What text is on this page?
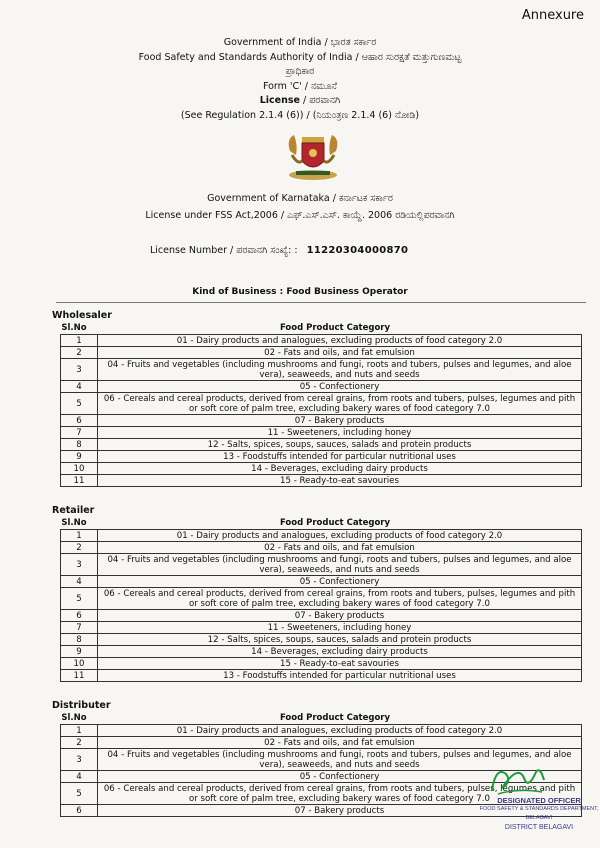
Annexure
Government of India / ಭಾರತ ಸರ್ಕಾರ
Food Safety and Standards Authority of India / ಆಹಾರ ಸುರಕ್ಷತೆ ಮತ್ತುಗುಣಮಟ್ಟ
ಪ್ರಾಧಿಕಾರ
Form 'C' / ನಮೂನೆ
License / ಪರವಾನಗಿ
(See Regulation 2.1.4 (6)) / (ನಿಯಂತ್ರಣ 2.1.4 (6) ನೋಡಿ)
Government of Karnataka / ಕರ್ನಾಟಕ ಸರ್ಕಾರ
License under FSS Act,2006 / ಎಫ್.ಎಸ್.ಎಸ್. ಕಾಯ್ದೆ. 2006 ರಡಿಯಲ್ಲಿಪರವಾನಗಿ
License Number / ಪರವಾನಗಿ ಸಂಖ್ಯೆ: : 11220304000870
Kind of Business : Food Business Operator
Wholesaler
Sl.No	Food Product Category
1	01 - Dairy products and analogues, excluding products of food category 2.0
2	02 - Fats and oils, and fat emulsion
3	04 - Fruits and vegetables (including mushrooms and fungi, roots and tubers, pulses and legumes, and aloe vera), seaweeds, and nuts and seeds
4	05 - Confectionery
5	06 - Cereals and cereal products, derived from cereal grains, from roots and tubers, pulses, legumes and pith or soft core of palm tree, excluding bakery wares of food category 7.0
6	07 - Bakery products
7	11 - Sweeteners, including honey
8	12 - Salts, spices, soups, sauces, salads and protein products
9	13 - Foodstuffs intended for particular nutritional uses
10	14 - Beverages, excluding dairy products
11	15 - Ready-to-eat savouries
Retailer
Sl.No	Food Product Category
1	01 - Dairy products and analogues, excluding products of food category 2.0
2	02 - Fats and oils, and fat emulsion
3	04 - Fruits and vegetables (including mushrooms and fungi, roots and tubers, pulses and legumes, and aloe vera), seaweeds, and nuts and seeds
4	05 - Confectionery
5	06 - Cereals and cereal products, derived from cereal grains, from roots and tubers, pulses, legumes and pith or soft core of palm tree, excluding bakery wares of food category 7.0
6	07 - Bakery products
7	11 - Sweeteners, including honey
8	12 - Salts, spices, soups, sauces, salads and protein products
9	14 - Beverages, excluding dairy products
10	15 - Ready-to-eat savouries
11	13 - Foodstuffs intended for particular nutritional uses
Distributer
Sl.No	Food Product Category
1	01 - Dairy products and analogues, excluding products of food category 2.0
2	02 - Fats and oils, and fat emulsion
3	04 - Fruits and vegetables (including mushrooms and fungi, roots and tubers, pulses and legumes, and aloe vera), seaweeds, and nuts and seeds
4	05 - Confectionery
5	06 - Cereals and cereal products, derived from cereal grains, from roots and tubers, pulses, legumes and pith or soft core of palm tree, excluding bakery wares of food category 7.0
6	07 - Bakery products
DESIGNATED OFFICER
FOOD SAFETY & STANDARDS DEPARTMENT, BELAGAVI
DISTRICT BELAGAVI
